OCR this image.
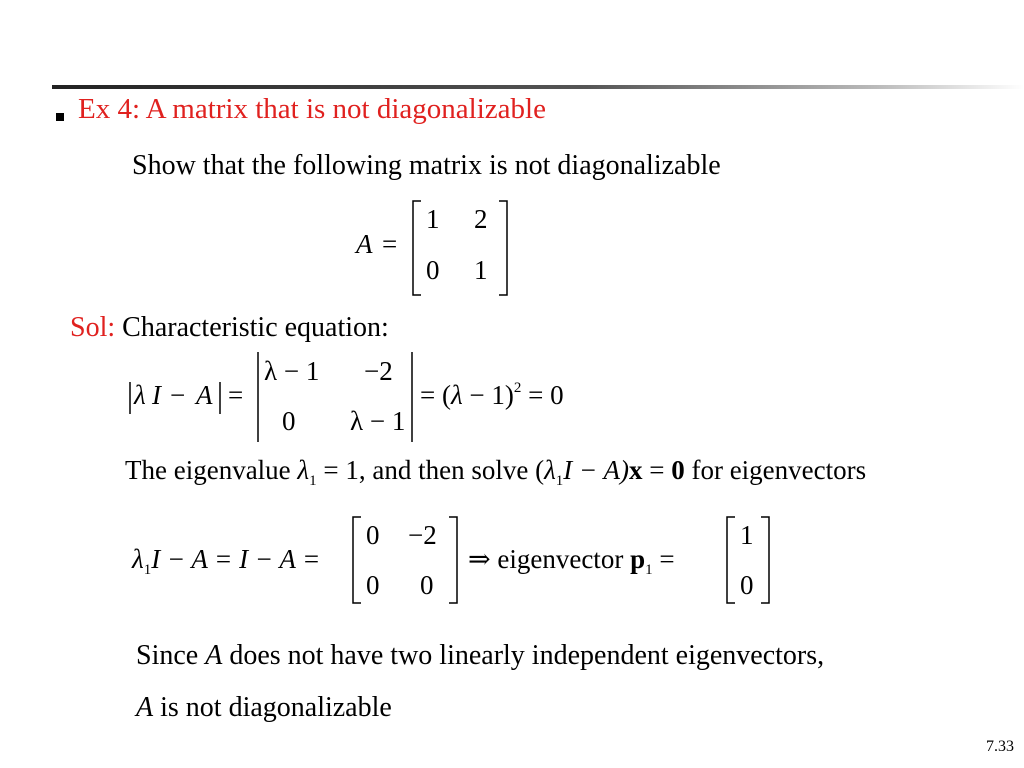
Ex 4: A matrix that is not diagonalizable
Show that the following matrix is not diagonalizable
A =
1 2
0 1
Sol: Characteristic equation:
λ I − A =
λ − 1 −2
0 λ − 1
= $(\lambda - 1)^2 = 0$
The eigenvalue $\lambda_1 = 1$, and then solve $(\lambda_1I - A)x = 0$ for eigenvectors
$\lambda_1I - A = I - A$ =
0 −2
0 0
⇒ eigenvector $p_1$ =
1
0
Since A does not have two linearly independent eigenvectors,
A is not diagonalizable
7.33
